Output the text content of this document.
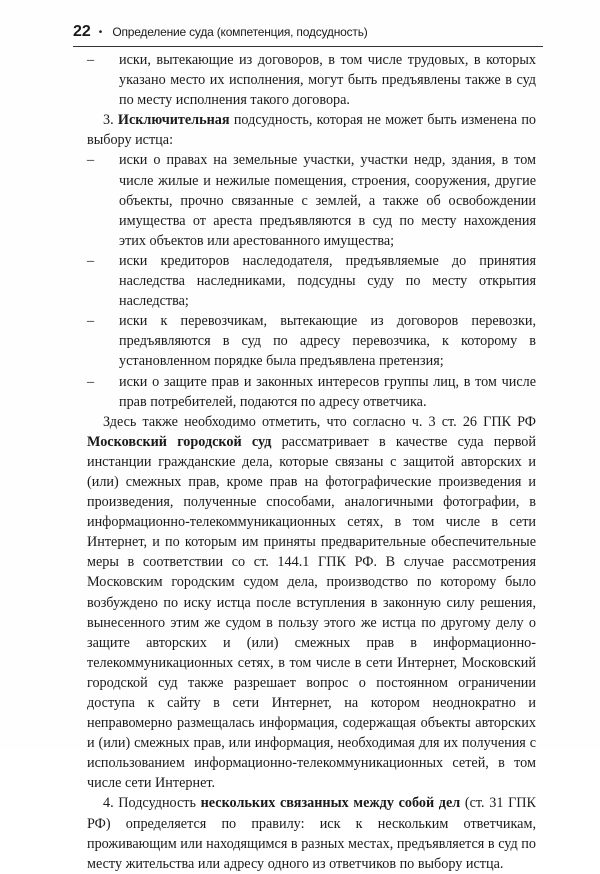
22 • Определение суда (компетенция, подсудность)
– иски, вытекающие из договоров, в том числе трудовых, в которых указано место их исполнения, могут быть предъявлены также в суд по месту исполнения такого договора.
3. Исключительная подсудность, которая не может быть изменена по выбору истца:
– иски о правах на земельные участки, участки недр, здания, в том числе жилые и нежилые помещения, строения, сооружения, другие объекты, прочно связанные с землей, а также об освобождении имущества от ареста предъявляются в суд по месту нахождения этих объектов или арестованного имущества;
– иски кредиторов наследодателя, предъявляемые до принятия наследства наследниками, подсудны суду по месту открытия наследства;
– иски к перевозчикам, вытекающие из договоров перевозки, предъявляются в суд по адресу перевозчика, к которому в установленном порядке была предъявлена претензия;
– иски о защите прав и законных интересов группы лиц, в том числе прав потребителей, подаются по адресу ответчика.
Здесь также необходимо отметить, что согласно ч. 3 ст. 26 ГПК РФ Московский городской суд рассматривает в качестве суда первой инстанции гражданские дела, которые связаны с защитой авторских и (или) смежных прав, кроме прав на фотографические произведения и произведения, полученные способами, аналогичными фотографии, в информационно-телекоммуникационных сетях, в том числе в сети Интернет, и по которым им приняты предварительные обеспечительные меры в соответствии со ст. 144.1 ГПК РФ. В случае рассмотрения Московским городским судом дела, производство по которому было возбуждено по иску истца после вступления в законную силу решения, вынесенного этим же судом в пользу этого же истца по другому делу о защите авторских и (или) смежных прав в информационно-телекоммуникационных сетях, в том числе в сети Интернет, Московский городской суд также разрешает вопрос о постоянном ограничении доступа к сайту в сети Интернет, на котором неоднократно и неправомерно размещалась информация, содержащая объекты авторских и (или) смежных прав, или информация, необходимая для их получения с использованием информационно-телекоммуникационных сетей, в том числе сети Интернет.
4. Подсудность нескольких связанных между собой дел (ст. 31 ГПК РФ) определяется по правилу: иск к нескольким ответчикам, проживающим или находящимся в разных местах, предъявляется в суд по месту жительства или адресу одного из ответчиков по выбору истца.
